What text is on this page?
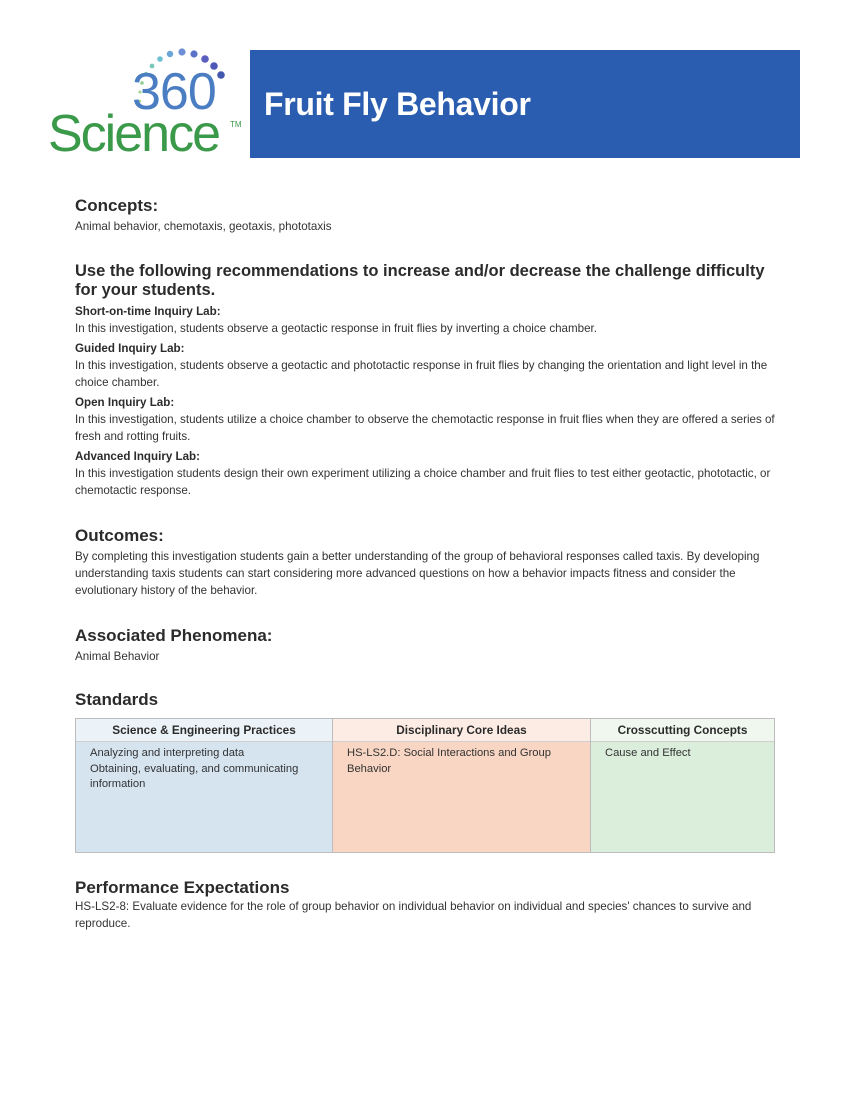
360
Science TM
Fruit Fly Behavior
Concepts:

Animal behavior, chemotaxis, geotaxis, phototaxis

Use the following recommendations to increase and/or decrease the challenge difficulty for your students.
Short-on-time Inquiry Lab:

In this investigation, students observe a geotactic response in fruit flies by inverting a choice chamber.

Guided Inquiry Lab:

In this investigation, students observe a geotactic and phototactic response in fruit flies by changing the orientation and light level in the choice chamber.

Open Inquiry Lab:

In this investigation, students utilize a choice chamber to observe the chemotactic response in fruit flies when they are offered a series of fresh and rotting fruits.

Advanced Inquiry Lab:

In this investigation students design their own experiment utilizing a choice chamber and fruit flies to test either geotactic, phototactic, or chemotactic response.

Outcomes:

By completing this investigation students gain a better understanding of the group of behavioral responses called taxis. By developing understanding taxis students can start considering more advanced questions on how a behavior impacts fitness and consider the evolutionary history of the behavior.

Associated Phenomena:

Animal Behavior

Standards
Science & Engineering Practices
Analyzing and interpreting data
Obtaining, evaluating, and communicating information
Disciplinary Core Ideas
HS-LS2.D: Social Interactions and Group Behavior
Crosscutting Concepts
Cause and Effect
Performance Expectations

HS-LS2-8: Evaluate evidence for the role of group behavior on individual behavior on individual and species' chances to survive and reproduce.
